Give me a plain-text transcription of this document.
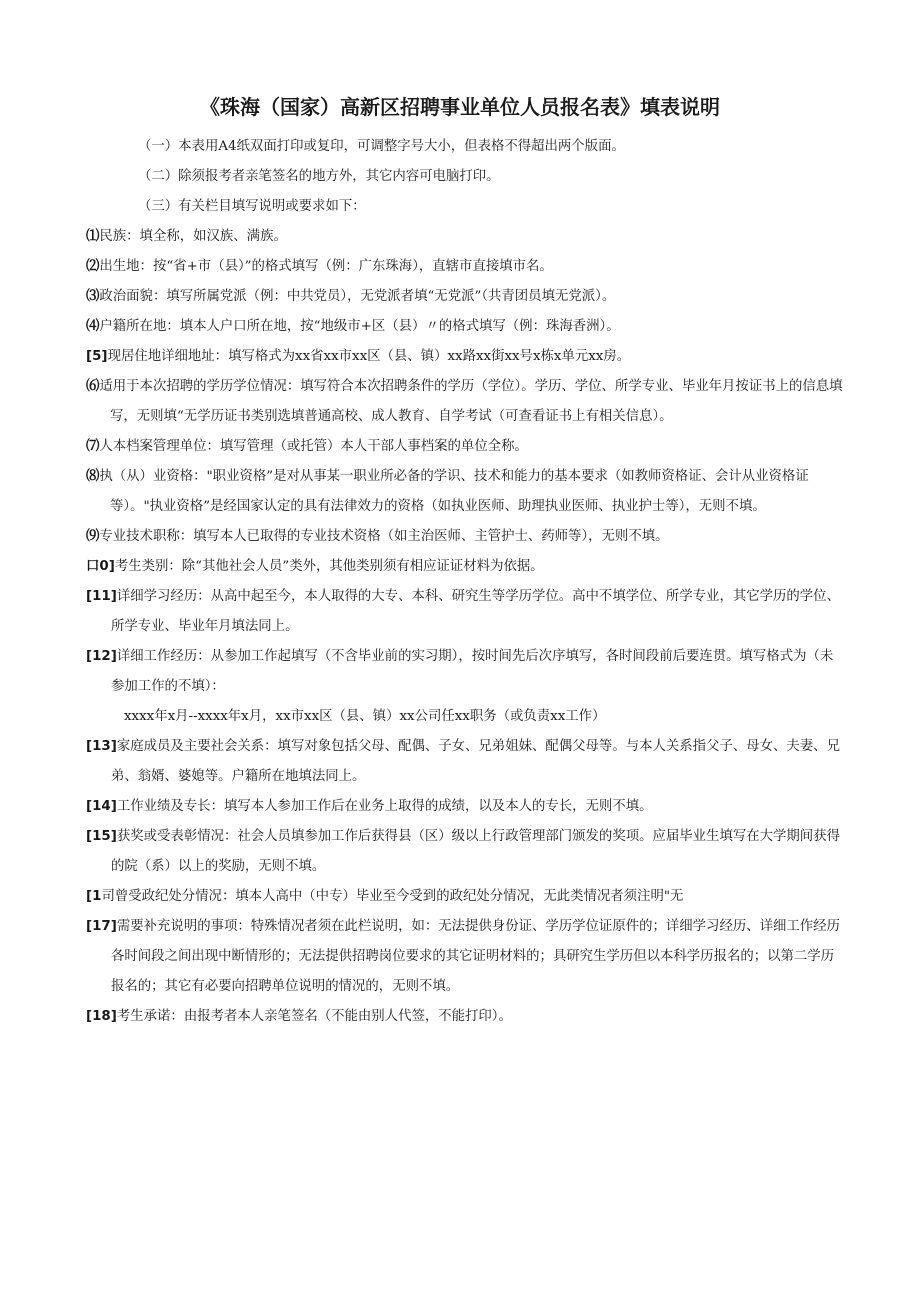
《珠海（国家）高新区招聘事业单位人员报名表》填表说明

（一）本表用A4纸双面打印或复印，可调整字号大小，但表格不得超出两个版面。

（二）除须报考者亲笔签名的地方外，其它内容可电脑打印。

（三）有关栏目填写说明或要求如下：

⑴民族：填全称，如汉族、满族。

⑵出生地：按“省+市（县）”的格式填写（例：广东珠海），直辖市直接填市名。

⑶政治面貌：填写所属党派（例：中共党员），无党派者填“无党派”（共青团员填无党派）。

⑷户籍所在地：填本人户口所在地，按“地级市+区（县）〃的格式填写（例：珠海香洲）。

[5]现居住地详细地址：填写格式为xx省xx市xx区（县、镇）xx路xx街xx号x栋x单元xx房。

⑹适用于本次招聘的学历学位情况：填写符合本次招聘条件的学历（学位）。学历、学位、所学专业、毕业年月按证书上的信息填写，无则填“无学历证书类别选填普通高校、成人教育、自学考试（可查看证书上有相关信息）。

⑺人本档案管理单位：填写管理（或托管）本人干部人事档案的单位全称。

⑻执（从）业资格："职业资格”是对从事某一职业所必备的学识、技术和能力的基本要求（如教师资格证、会计从业资格证等）。"执业资格”是经国家认定的具有法律效力的资格（如执业医师、助理执业医师、执业护士等），无则不填。

⑼专业技术职称：填写本人已取得的专业技术资格（如主治医师、主管护士、药师等），无则不填。

口0]考生类别：除“其他社会人员”类外，其他类别须有相应证证材料为依据。

[11]详细学习经历：从高中起至今，本人取得的大专、本科、研究生等学历学位。高中不填学位、所学专业，其它学历的学位、所学专业、毕业年月填法同上。

[12]详细工作经历：从参加工作起填写（不含毕业前的实习期），按时间先后次序填写，各时间段前后要连贯。填写格式为（未参加工作的不填）：

xxxx年x月--xxxx年x月，xx市xx区（县、镇）xx公司任xx职务（或负责xx工作）

[13]家庭成员及主要社会关系：填写对象包括父母、配偶、子女、兄弟姐妹、配偶父母等。与本人关系指父子、母女、夫妻、兄弟、翁婿、婆媳等。户籍所在地填法同上。

[14]工作业绩及专长：填写本人参加工作后在业务上取得的成绩，以及本人的专长，无则不填。

[15]获奖或受表彰情况：社会人员填参加工作后获得县（区）级以上行政管理部门颁发的奖项。应届毕业生填写在大学期间获得的院（系）以上的奖励，无则不填。

[1司曾受政纪处分情况：填本人高中（中专）毕业至今受到的政纪处分情况，无此类情况者须注明"无

[17]需要补充说明的事项：特殊情况者须在此栏说明，如：无法提供身份证、学历学位证原件的；详细学习经历、详细工作经历各时间段之间出现中断情形的；无法提供招聘岗位要求的其它证明材料的；具研究生学历但以本科学历报名的；以第二学历报名的；其它有必要向招聘单位说明的情况的，无则不填。

[18]考生承诺：由报考者本人亲笔签名（不能由别人代签，不能打印）。
